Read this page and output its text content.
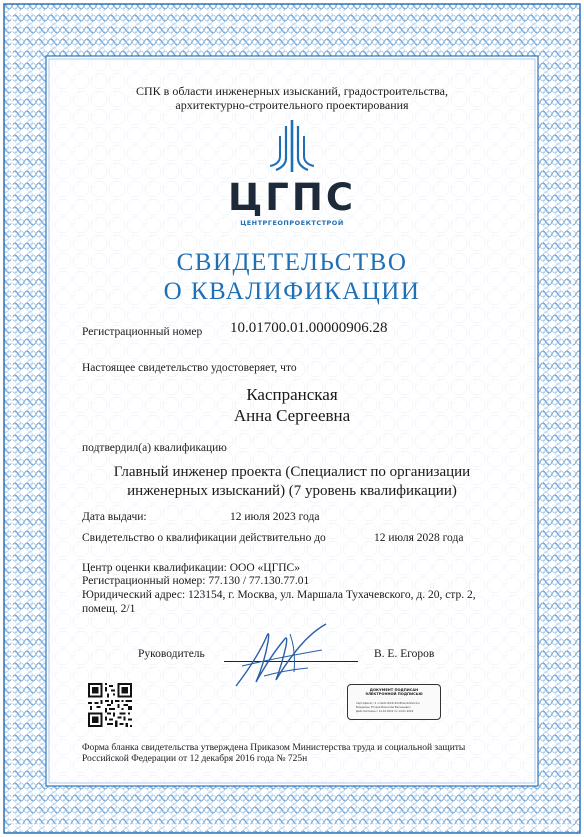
СПК в области инженерных изысканий, градостроительства,
архитектурно-строительного проектирования

ЦГПС

ЦЕНТРГЕОПРОЕКТСТРОЙ

СВИДЕТЕЛЬСТВО

О КВАЛИФИКАЦИИ

Регистрационный номер 10.01700.01.00000906.28

Настоящее свидетельство удостоверяет, что

Каспранская

Анна Сергеевна

подтвердил(а) квалификацию

Главный инженер проекта (Специалист по организации

инженерных изысканий) (7 уровень квалификации)

Дата выдачи:	12 июля 2023 года

Свидетельство о квалификации действительно до	12 июля 2028 года

Центр оценки квалификации: ООО «ЦГПС»

Регистрационный номер: 77.130 / 77.130.77.01

Юридический адрес: 123154, г. Москва, ул. Маршала Тухачевского, д. 20, стр. 2, помещ. 2/1

Руководитель	В. Е. Егоров

ДОКУМЕНТ ПОДПИСАН
ЭЛЕКТРОННОЙ ПОДПИСЬЮ
Сертификат: 4 «cdwhcnhk4c4dn65wn2d2wc4n»
Владелец: Егоров Вячеслав Евгеньевич
Действителен с 14.10.2022 по 14.01.2024

Форма бланка свидетельства утверждена Приказом Министерства труда и социальной защиты
Российской Федерации от 12 декабря 2016 года № 725н
